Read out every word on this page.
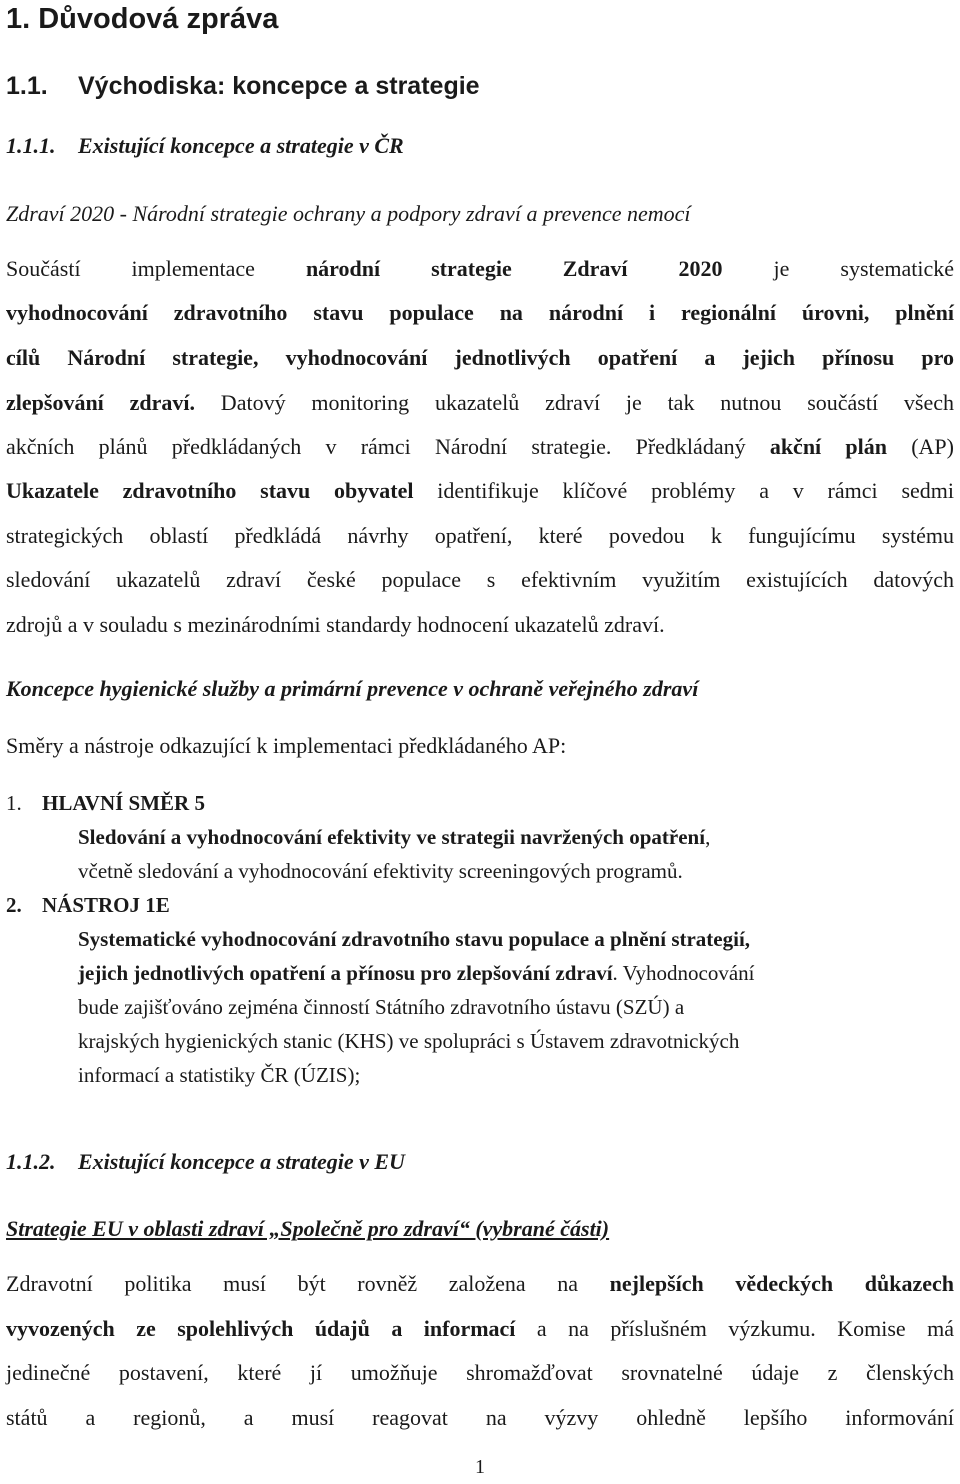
1. Důvodová zpráva
1.1. Východiska: koncepce a strategie
1.1.1. Existující koncepce a strategie v ČR
Zdraví 2020 - Národní strategie ochrany a podpory zdraví a prevence nemocí
Součástí implementace národní strategie Zdraví 2020 je systematické
vyhodnocování zdravotního stavu populace na národní i regionální úrovni, plnění
cílů Národní strategie, vyhodnocování jednotlivých opatření a jejich přínosu pro
zlepšování zdraví. Datový monitoring ukazatelů zdraví je tak nutnou součástí všech
akčních plánů předkládaných v rámci Národní strategie. Předkládaný akční plán (AP)
Ukazatele zdravotního stavu obyvatel identifikuje klíčové problémy a v rámci sedmi
strategických oblastí předkládá návrhy opatření, které povedou k fungujícímu systému
sledování ukazatelů zdraví české populace s efektivním využitím existujících datových
zdrojů a v souladu s mezinárodními standardy hodnocení ukazatelů zdraví.
Koncepce hygienické služby a primární prevence v ochraně veřejného zdraví
Směry a nástroje odkazující k implementaci předkládaného AP:
1. HLAVNÍ SMĚR 5
Sledování a vyhodnocování efektivity ve strategii navržených opatření,
včetně sledování a vyhodnocování efektivity screeningových programů.
2. NÁSTROJ 1E
Systematické vyhodnocování zdravotního stavu populace a plnění strategií,
jejich jednotlivých opatření a přínosu pro zlepšování zdraví. Vyhodnocování
bude zajišťováno zejména činností Státního zdravotního ústavu (SZÚ) a
krajských hygienických stanic (KHS) ve spolupráci s Ústavem zdravotnických
informací a statistiky ČR (ÚZIS);
1.1.2. Existující koncepce a strategie v EU
Strategie EU v oblasti zdraví „Společně pro zdraví“ (vybrané části)
Zdravotní politika musí být rovněž založena na nejlepších vědeckých důkazech
vyvozených ze spolehlivých údajů a informací a na příslušném výzkumu. Komise má
jedinečné postavení, které jí umožňuje shromažďovat srovnatelné údaje z členských
států a regionů, a musí reagovat na výzvy ohledně lepšího informování
1
